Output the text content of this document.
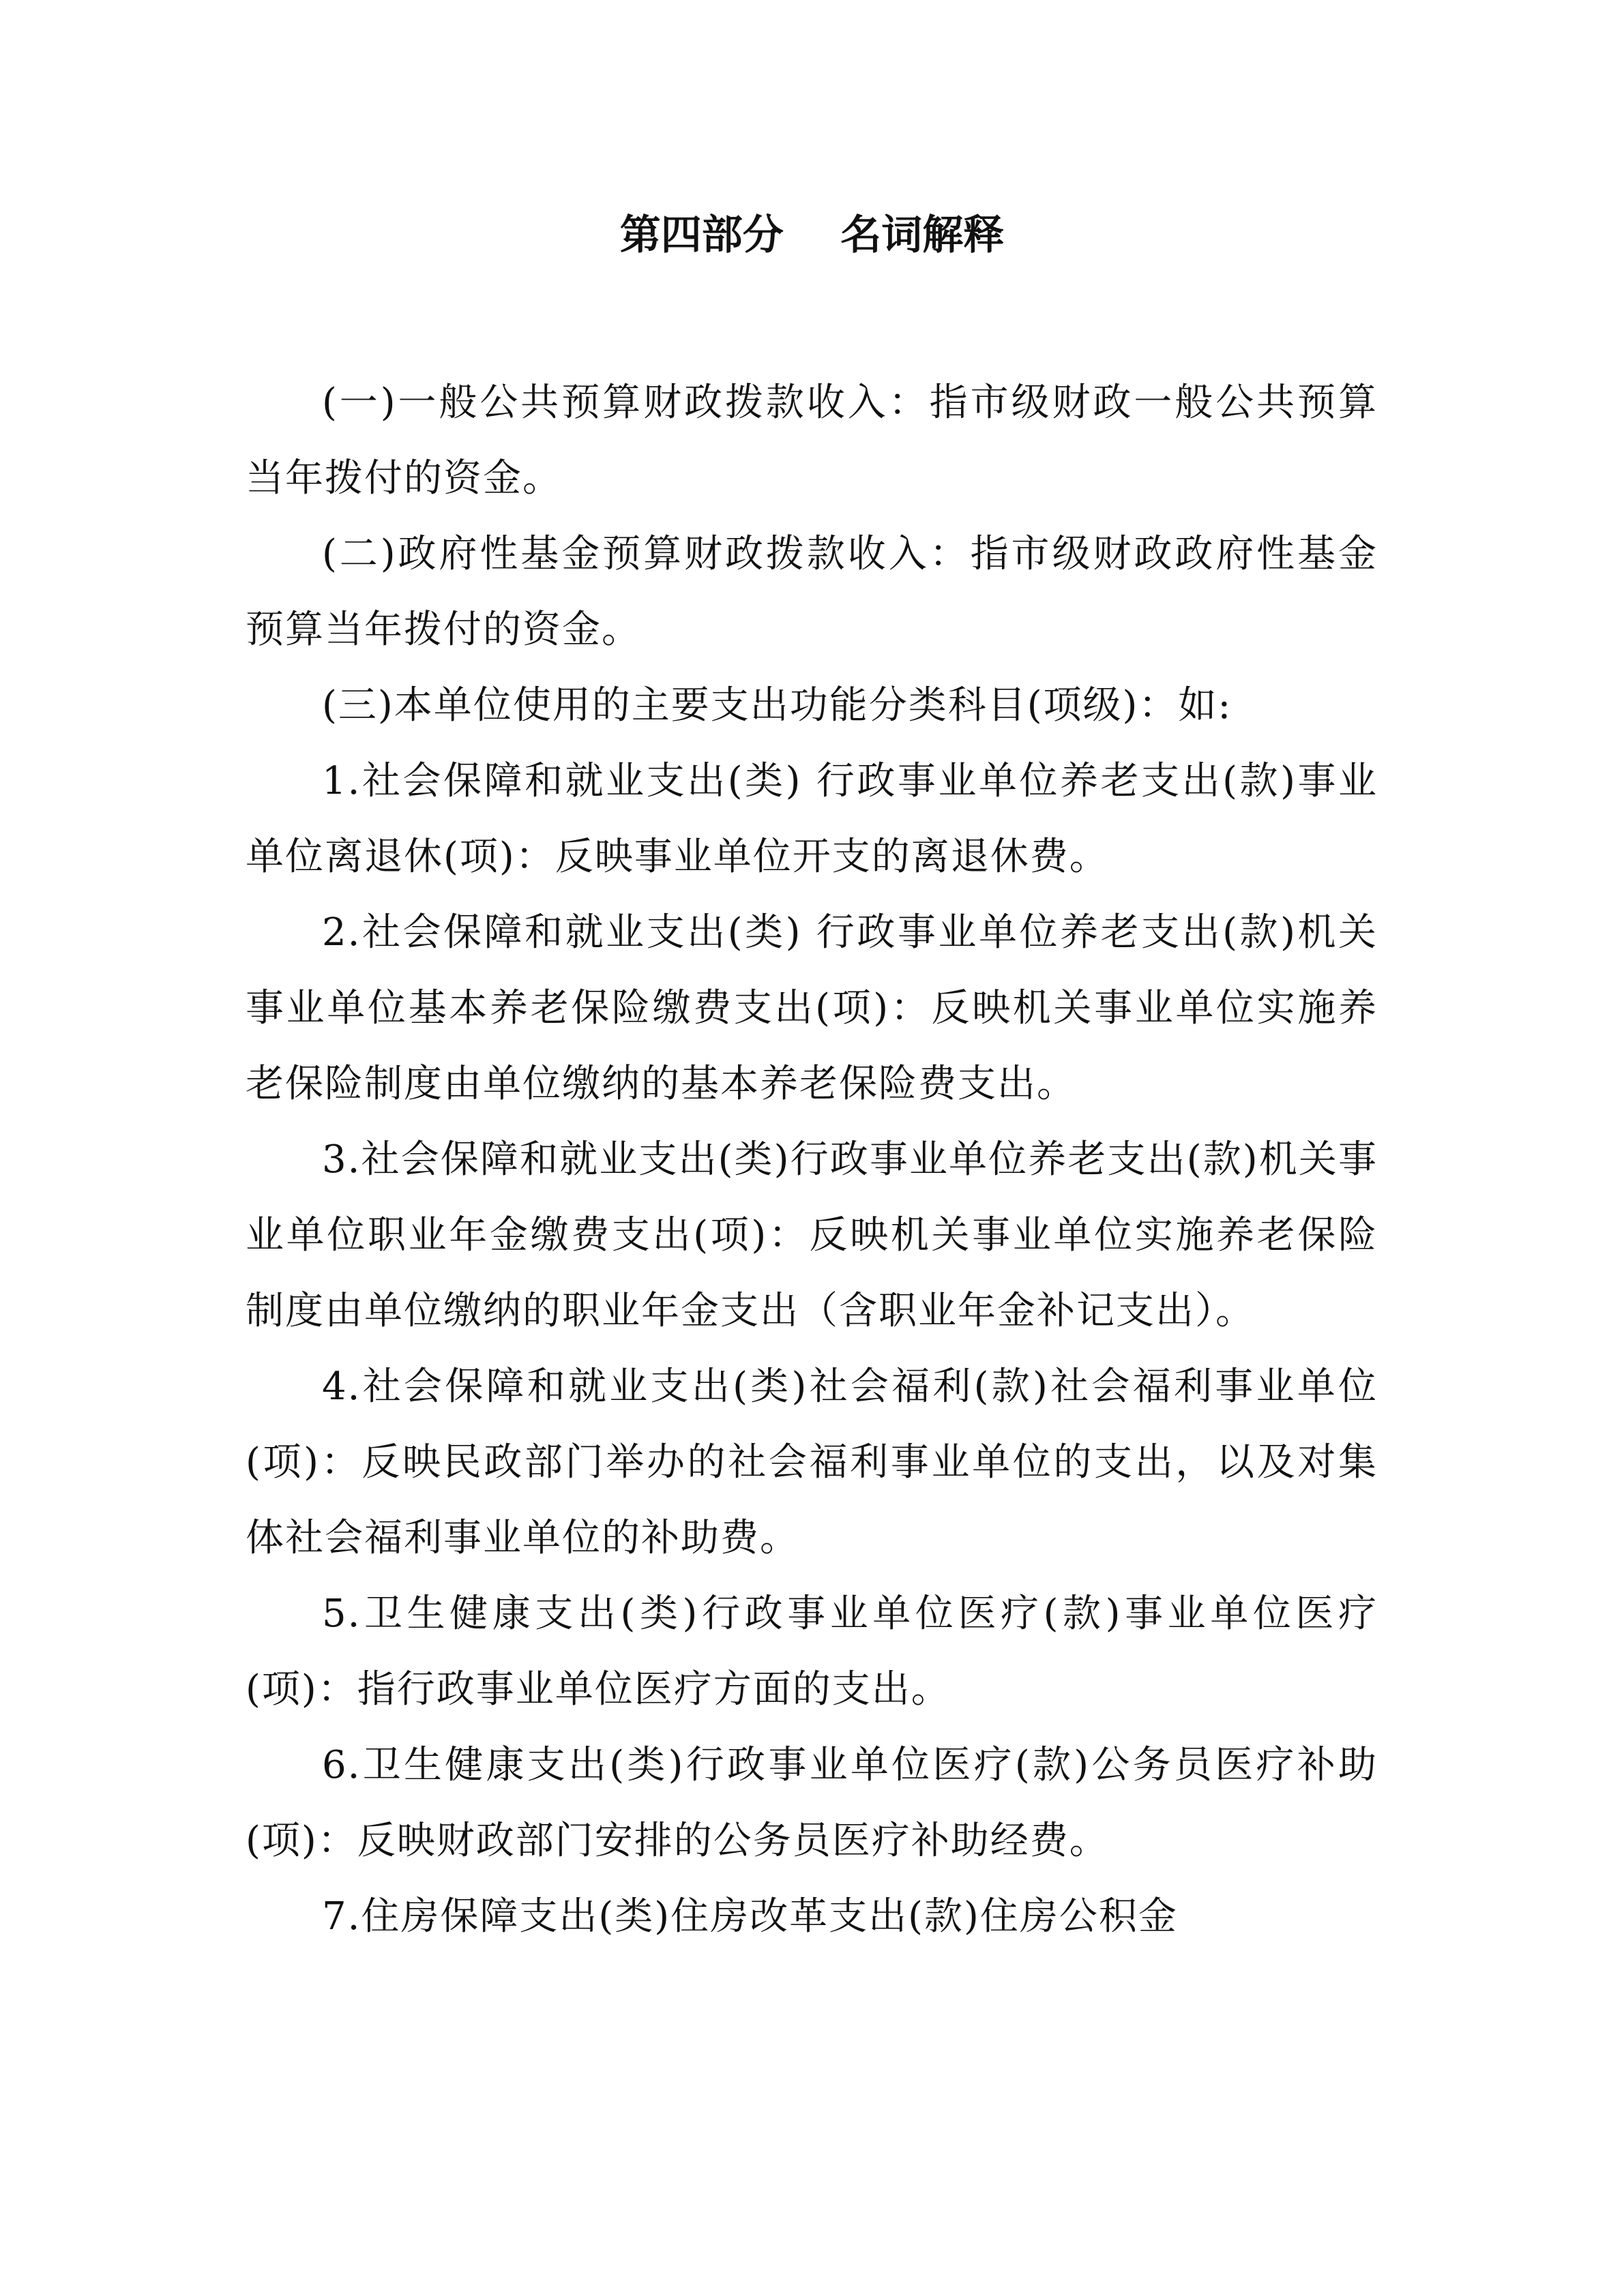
第四部分    名词解释

(一)一般公共预算财政拨款收入：指市级财政一般公共预算当年拨付的资金。

(二)政府性基金预算财政拨款收入：指市级财政政府性基金预算当年拨付的资金。

(三)本单位使用的主要支出功能分类科目(项级)：如:

1.社会保障和就业支出(类) 行政事业单位养老支出(款)事业单位离退休(项)：反映事业单位开支的离退休费。

2.社会保障和就业支出(类) 行政事业单位养老支出(款)机关事业单位基本养老保险缴费支出(项)：反映机关事业单位实施养老保险制度由单位缴纳的基本养老保险费支出。

3.社会保障和就业支出(类)行政事业单位养老支出(款)机关事业单位职业年金缴费支出(项)：反映机关事业单位实施养老保险制度由单位缴纳的职业年金支出（含职业年金补记支出）。

4.社会保障和就业支出(类)社会福利(款)社会福利事业单位(项)：反映民政部门举办的社会福利事业单位的支出，以及对集体社会福利事业单位的补助费。

5.卫生健康支出(类)行政事业单位医疗(款)事业单位医疗(项)：指行政事业单位医疗方面的支出。

6.卫生健康支出(类)行政事业单位医疗(款)公务员医疗补助(项)：反映财政部门安排的公务员医疗补助经费。

7.住房保障支出(类)住房改革支出(款)住房公积金
